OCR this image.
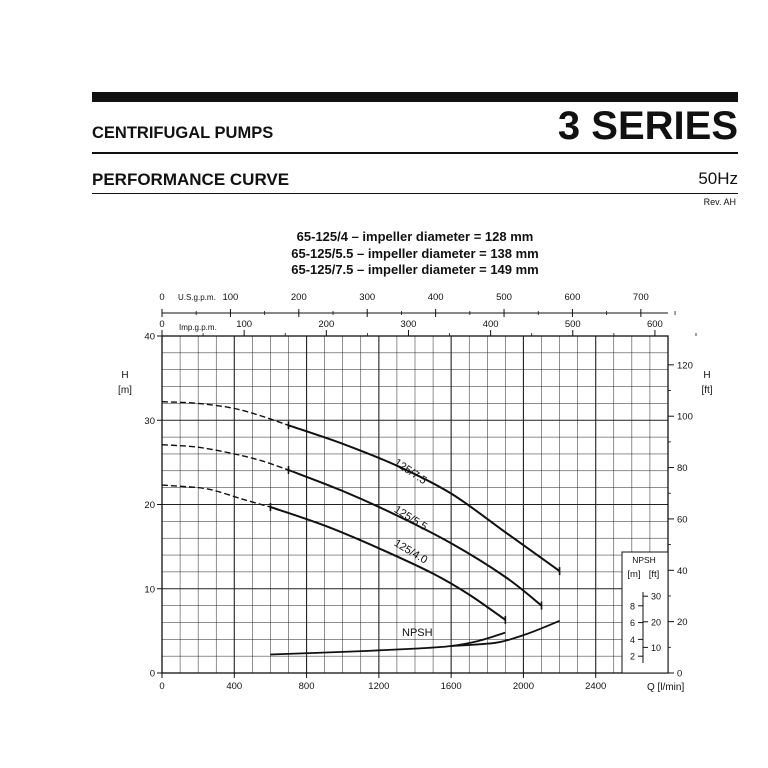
3 SERIES
CENTRIFUGAL PUMPS
PERFORMANCE CURVE	50Hz
Rev. AH
65-125/4 – impeller diameter = 128 mm
65-125/5.5 – impeller diameter = 138 mm
65-125/7.5 – impeller diameter = 149 mm
0	400	800	1200	1600	2000	2400
0
10
20
30
40
0
20
40
60
80
100
120
0	100	200	300	400	500	600	700
0	100	200	300	400	500	600
2
4
6
8
10
20
30
125/7.5
125/5.5
125/4.0
H
[m]
H
[ft]
Q [l/min]
U.S.g.p.m.
Imp.g.p.m.
NPSH
NPSH
[m] [ft]
